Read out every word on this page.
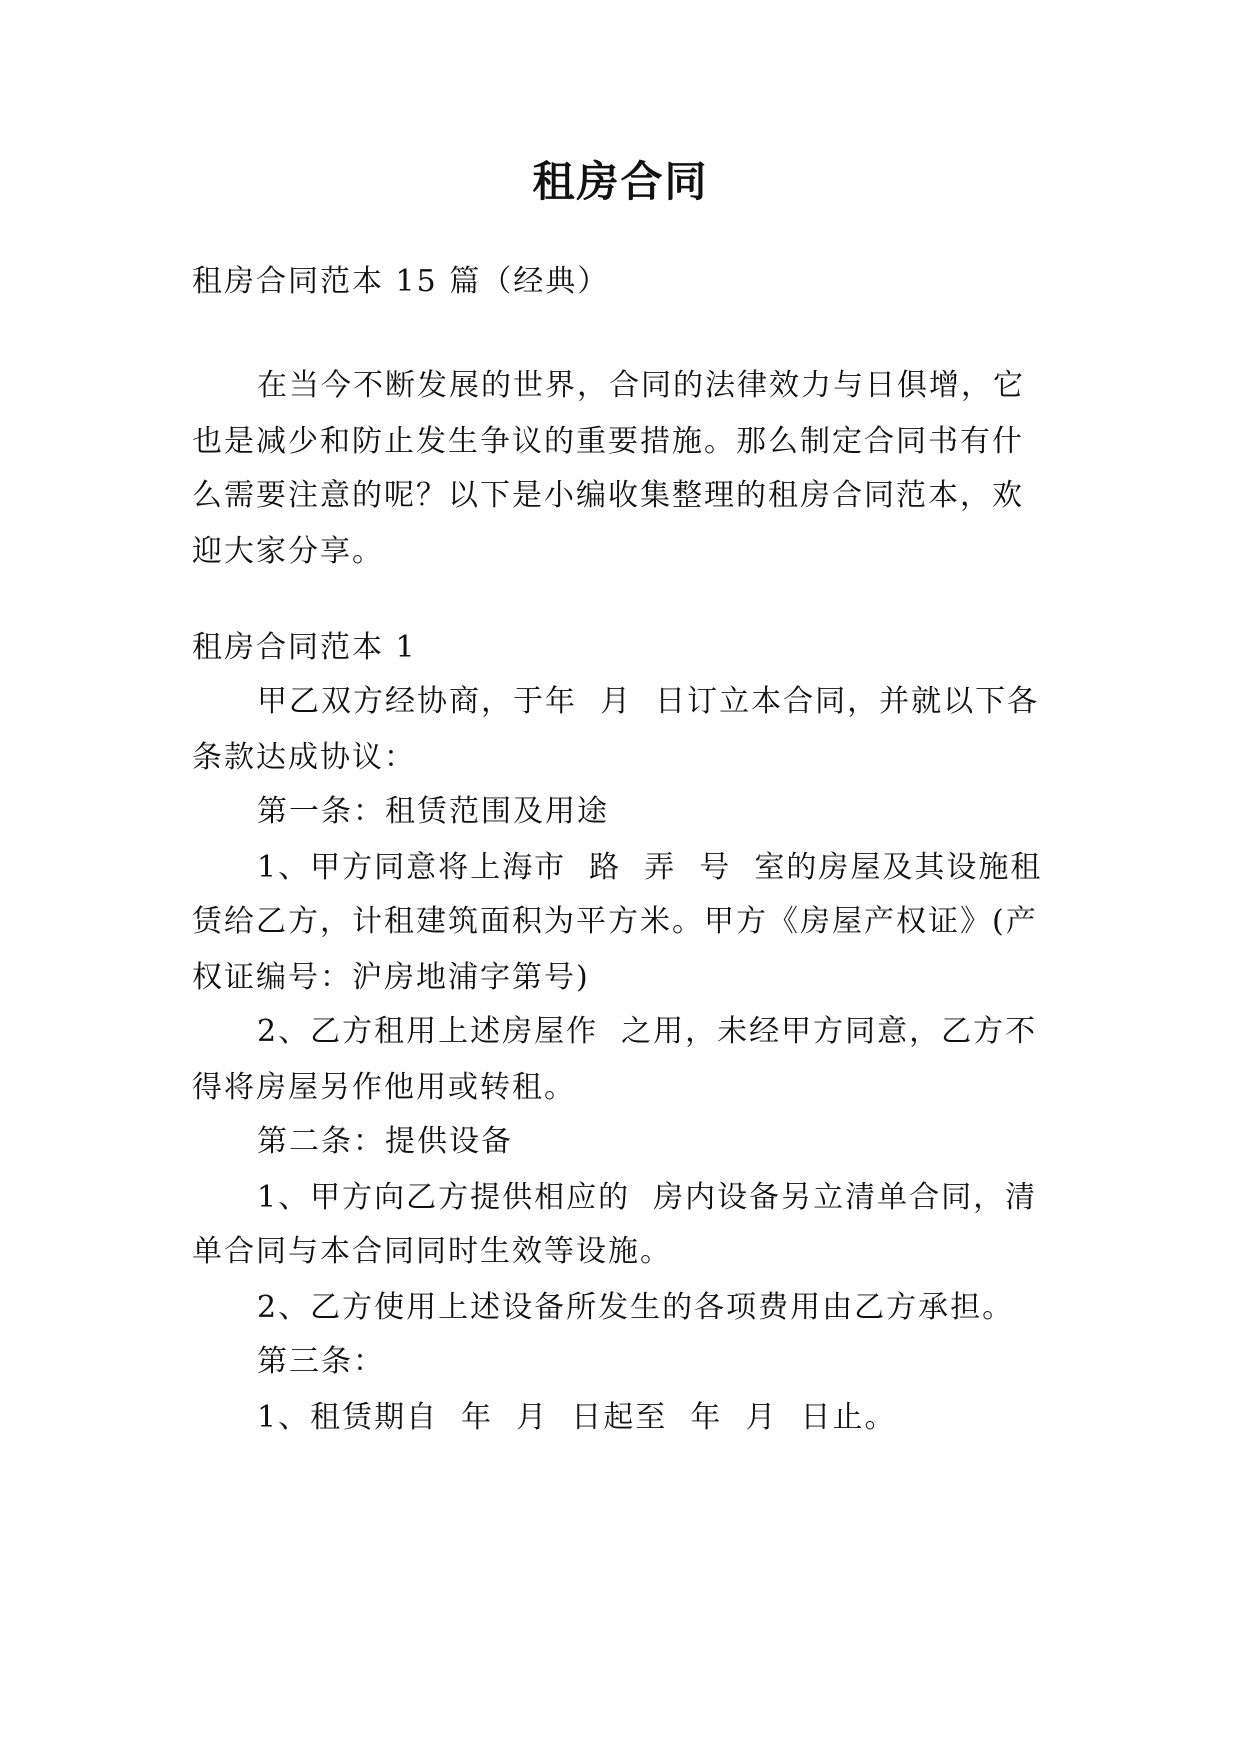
租房合同
租房合同范本 15 篇（经典）
在当今不断发展的世界，合同的法律效力与日俱增，它
也是减少和防止发生争议的重要措施。那么制定合同书有什
么需要注意的呢？以下是小编收集整理的租房合同范本，欢
迎大家分享。
租房合同范本 1
甲乙双方经协商，于年  月  日订立本合同，并就以下各
条款达成协议：
第一条：租赁范围及用途
1、甲方同意将上海市  路  弄  号  室的房屋及其设施租
赁给乙方，计租建筑面积为平方米。甲方《房屋产权证》(产
权证编号：沪房地浦字第号)
2、乙方租用上述房屋作  之用，未经甲方同意，乙方不
得将房屋另作他用或转租。
第二条：提供设备
1、甲方向乙方提供相应的  房内设备另立清单合同，清
单合同与本合同同时生效等设施。
2、乙方使用上述设备所发生的各项费用由乙方承担。
第三条：
1、租赁期自  年  月  日起至  年  月  日止。
